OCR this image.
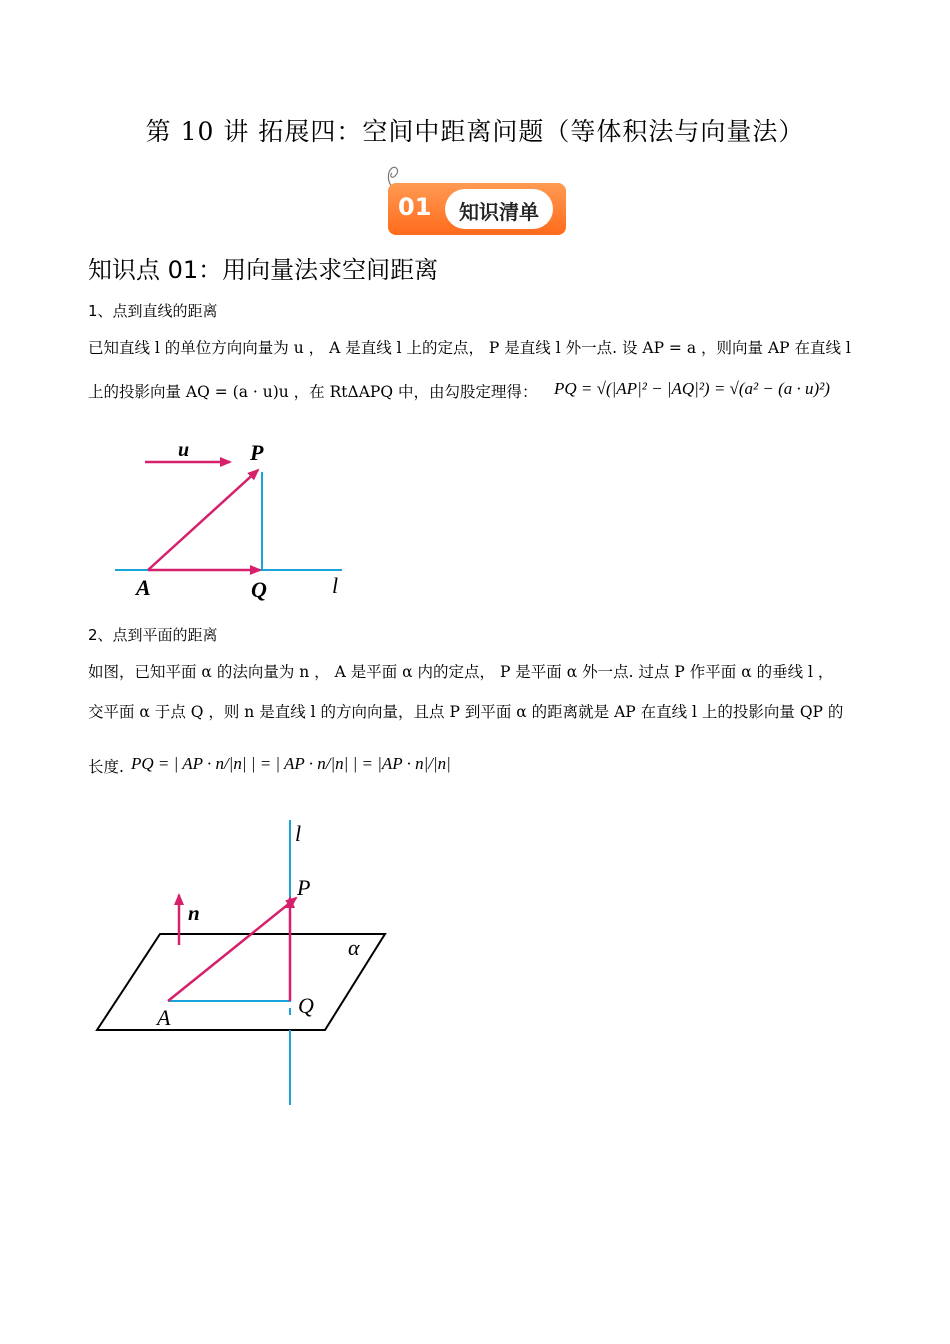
第 10 讲 拓展四：空间中距离问题（等体积法与向量法）
01	知识清单
知识点 01：用向量法求空间距离
1、点到直线的距离
已知直线 l 的单位方向向量为 u ， A 是直线 l 上的定点， P 是直线 l 外一点. 设 AP = a ，则向量 AP 在直线 l
上的投影向量 AQ = (a · u)u ，在 RtΔAPQ 中，由勾股定理得： PQ = √(|AP|² − |AQ|²) = √(a² − (a · u)²)
u	P
A	Q	l
2、点到平面的距离
如图，已知平面 α 的法向量为 n ， A 是平面 α 内的定点， P 是平面 α 外一点. 过点 P 作平面 α 的垂线 l ，
交平面 α 于点 Q ，则 n 是直线 l 的方向向量，且点 P 到平面 α 的距离就是 AP 在直线 l 上的投影向量 QP 的
长度. PQ = | AP · n/|n| | = | AP · n/|n| | = |AP · n|/|n|
l
P
n
α
A	Q
